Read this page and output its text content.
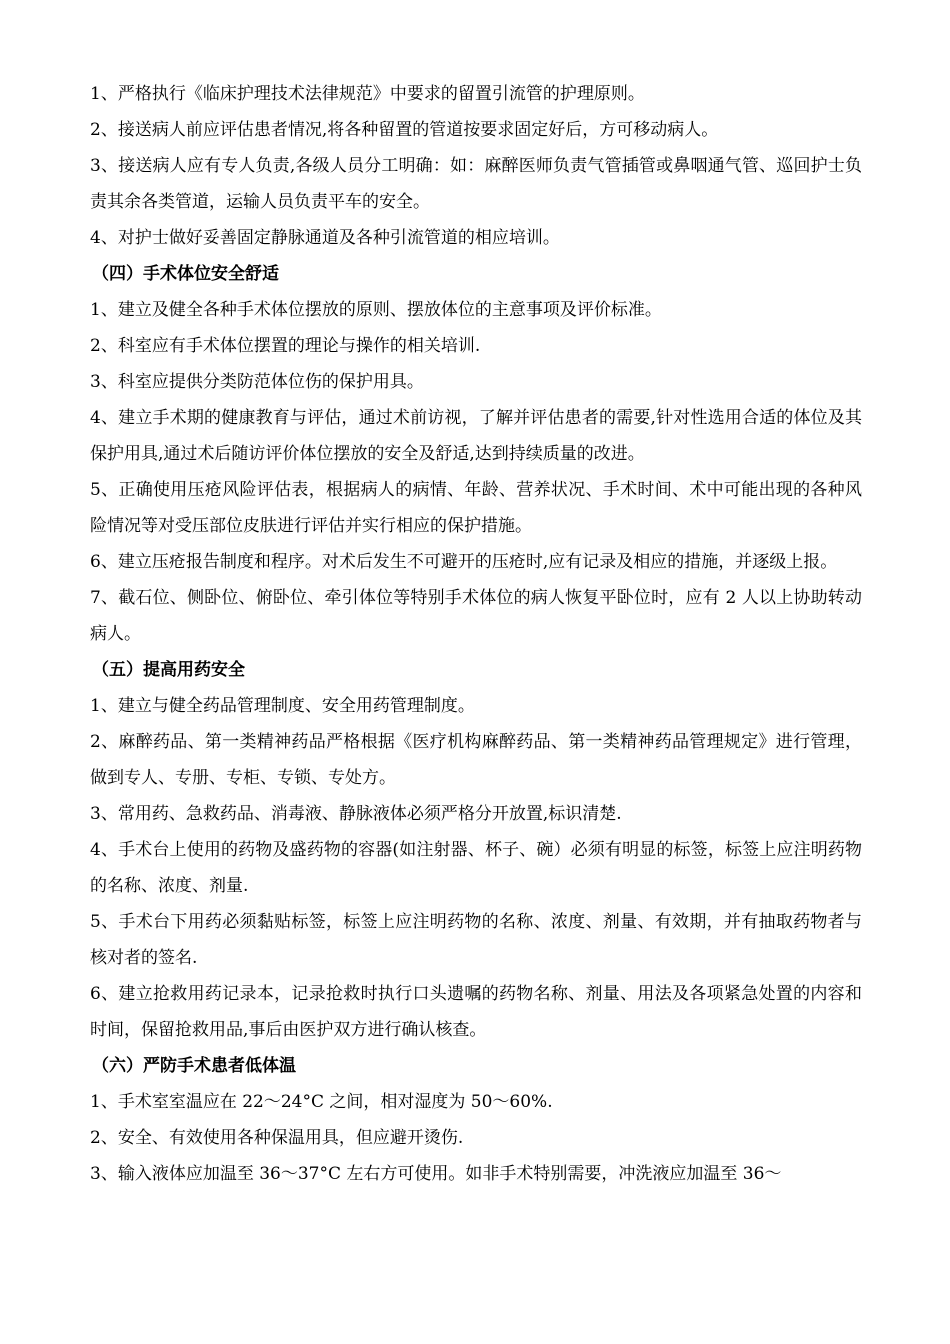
1、严格执行《临床护理技术法律规范》中要求的留置引流管的护理原则。

2、接送病人前应评估患者情况,将各种留置的管道按要求固定好后，方可移动病人。

3、接送病人应有专人负责,各级人员分工明确：如：麻醉医师负责气管插管或鼻咽通气管、巡回护士负责其余各类管道，运输人员负责平车的安全。

4、对护士做好妥善固定静脉通道及各种引流管道的相应培训。

（四）手术体位安全舒适

1、建立及健全各种手术体位摆放的原则、摆放体位的主意事项及评价标准。

2、科室应有手术体位摆置的理论与操作的相关培训.

3、科室应提供分类防范体位伤的保护用具。

4、建立手术期的健康教育与评估，通过术前访视，了解并评估患者的需要,针对性选用合适的体位及其保护用具,通过术后随访评价体位摆放的安全及舒适,达到持续质量的改进。

5、正确使用压疮风险评估表，根据病人的病情、年龄、营养状况、手术时间、术中可能出现的各种风险情况等对受压部位皮肤进行评估并实行相应的保护措施。

6、建立压疮报告制度和程序。对术后发生不可避开的压疮时,应有记录及相应的措施，并逐级上报。

7、截石位、侧卧位、俯卧位、牵引体位等特别手术体位的病人恢复平卧位时，应有 2 人以上协助转动病人。

（五）提高用药安全

1、建立与健全药品管理制度、安全用药管理制度。

2、麻醉药品、第一类精神药品严格根据《医疗机构麻醉药品、第一类精神药品管理规定》进行管理，做到专人、专册、专柜、专锁、专处方。

3、常用药、急救药品、消毒液、静脉液体必须严格分开放置,标识清楚.

4、手术台上使用的药物及盛药物的容器(如注射器、杯子、碗）必须有明显的标签，标签上应注明药物的名称、浓度、剂量.

5、手术台下用药必须黏贴标签，标签上应注明药物的名称、浓度、剂量、有效期，并有抽取药物者与核对者的签名.

6、建立抢救用药记录本，记录抢救时执行口头遗嘱的药物名称、剂量、用法及各项紧急处置的内容和时间，保留抢救用品,事后由医护双方进行确认核查。

（六）严防手术患者低体温

1、手术室室温应在 22～24°C 之间，相对湿度为 50～60%.

2、安全、有效使用各种保温用具，但应避开烫伤.

3、输入液体应加温至 36～37°C 左右方可使用。如非手术特别需要，冲洗液应加温至 36～
